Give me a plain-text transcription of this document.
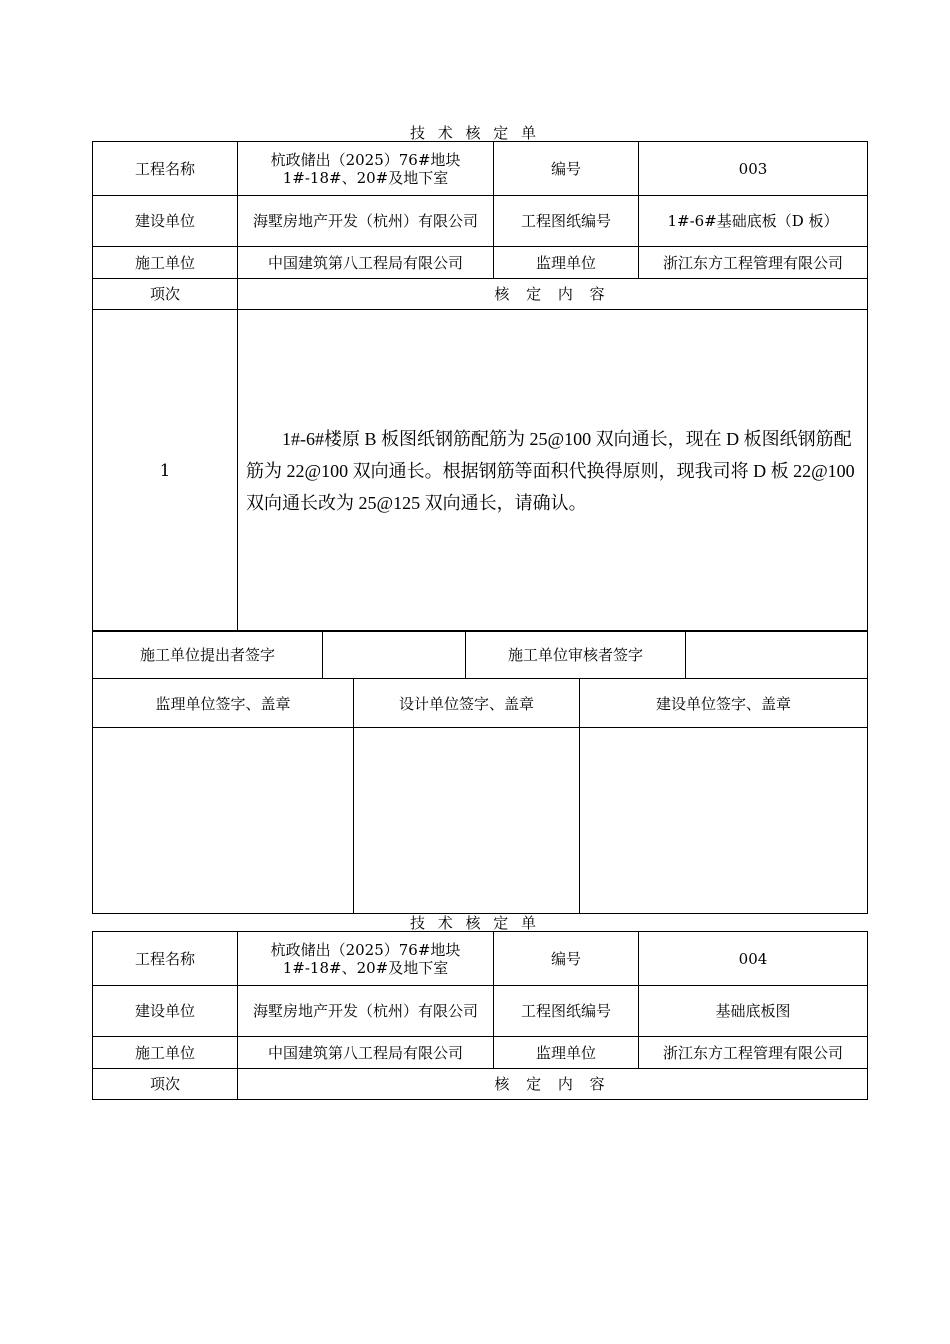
技 术 核 定 单
工程名称	杭政储出（2025）76#地块 1#-18#、20#及地下室	编号	003
建设单位	海墅房地产开发（杭州）有限公司	工程图纸编号	1#-6#基础底板（D 板）
施工单位	中国建筑第八工程局有限公司	监理单位	浙江东方工程管理有限公司
项次	核 定 内 容		
1	1#-6#楼原 B 板图纸钢筋配筋为 25@100 双向通长，现在 D 板图纸钢筋配筋为 22@100 双向通长。根据钢筋等面积代换得原则，现我司将 D 板 22@100 双向通长改为 25@125 双向通长，请确认。		

施工单位提出者签字		施工单位审核者签字	
监理单位签字、盖章	设计单位签字、盖章	建设单位签字、盖章

技 术 核 定 单
工程名称	杭政储出（2025）76#地块 1#-18#、20#及地下室	编号	004
建设单位	海墅房地产开发（杭州）有限公司	工程图纸编号	基础底板图
施工单位	中国建筑第八工程局有限公司	监理单位	浙江东方工程管理有限公司
项次	核 定 内 容		
